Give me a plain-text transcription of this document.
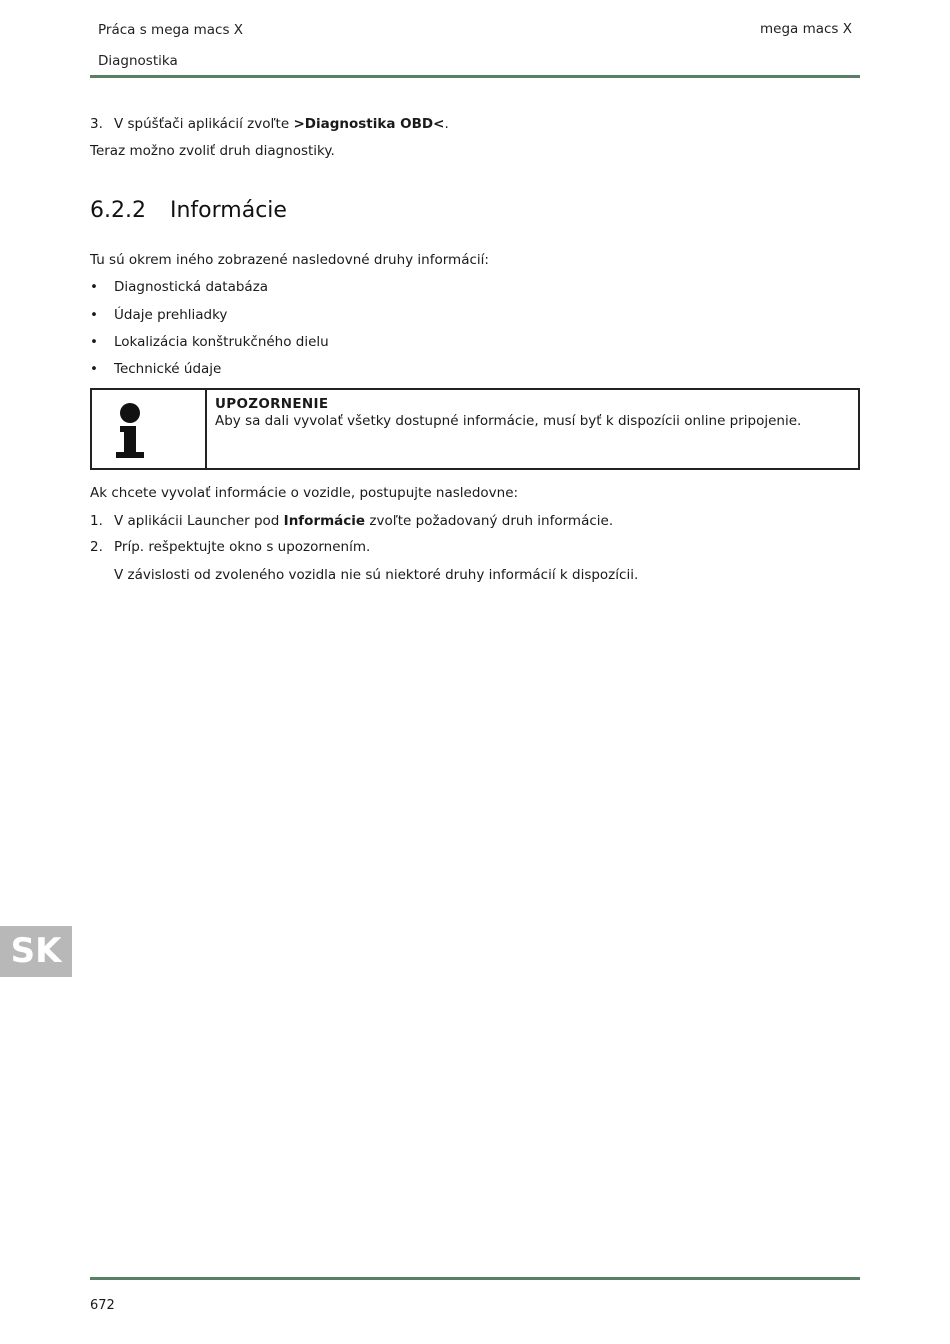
Práca s mega macs X
Diagnostika
mega macs X
3. V spúšťači aplikácií zvoľte >Diagnostika OBD<.
Teraz možno zvoliť druh diagnostiky.
6.2.2 Informácie
Tu sú okrem iného zobrazené nasledovné druhy informácií:
• Diagnostická databáza
• Údaje prehliadky
• Lokalizácia konštrukčného dielu
• Technické údaje
UPOZORNENIE
Aby sa dali vyvolať všetky dostupné informácie, musí byť k dispozícii online pripojenie.
Ak chcete vyvolať informácie o vozidle, postupujte nasledovne:
1. V aplikácii Launcher pod Informácie zvoľte požadovaný druh informácie.
2. Príp. rešpektujte okno s upozornením.
V závislosti od zvoleného vozidla nie sú niektoré druhy informácií k dispozícii.
SK
672
